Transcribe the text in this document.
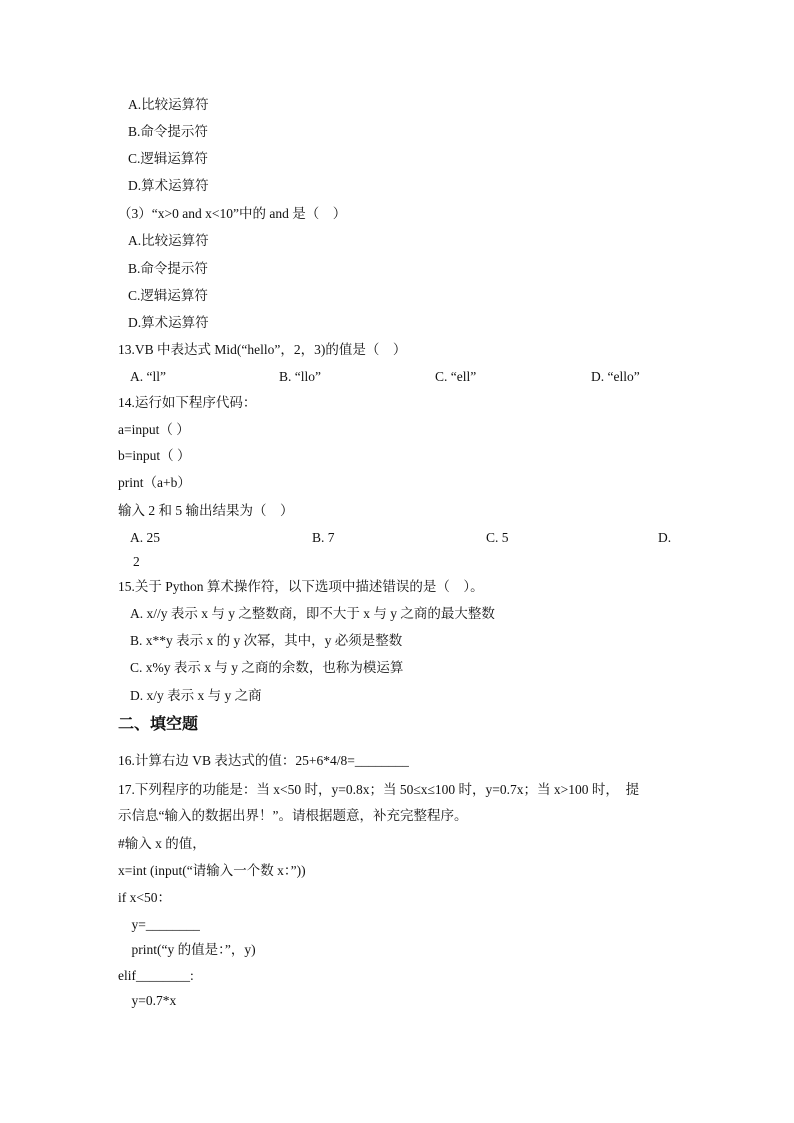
A.比较运算符
B.命令提示符
C.逻辑运算符
D.算术运算符
（3）“x>0 and x<10”中的 and 是（    ）
A.比较运算符
B.命令提示符
C.逻辑运算符
D.算术运算符
13.VB 中表达式 Mid(“hello”，2，3)的值是（    ）
A. “ll”	B. “llo”	C. “ell”	D. “ello”
14.运行如下程序代码：
a=input（ ）
b=input（ ）
print（a+b）
输入 2 和 5 输出结果为（    ）
A. 25	B. 7	C. 5	D.
2
15.关于 Python 算术操作符，以下选项中描述错误的是（    ）。
A. x//y 表示 x 与 y 之整数商，即不大于 x 与 y 之商的最大整数
B. x**y 表示 x 的 y 次幂，其中，y 必须是整数
C. x%y 表示 x 与 y 之商的余数，也称为模运算
D. x/y 表示 x 与 y 之商
二、填空题
16.计算右边 VB 表达式的值：25+6*4/8=________
17.下列程序的功能是：当 x<50 时，y=0.8x；当 50≤x≤100 时，y=0.7x；当 x>100 时，  提
示信息“输入的数据出界！”。请根据题意，补充完整程序。
#输入 x 的值，
x=int (input(“请输入一个数 x：”))
if x<50：
y=________
print(“y 的值是：”，y)
elif________:
y=0.7*x
